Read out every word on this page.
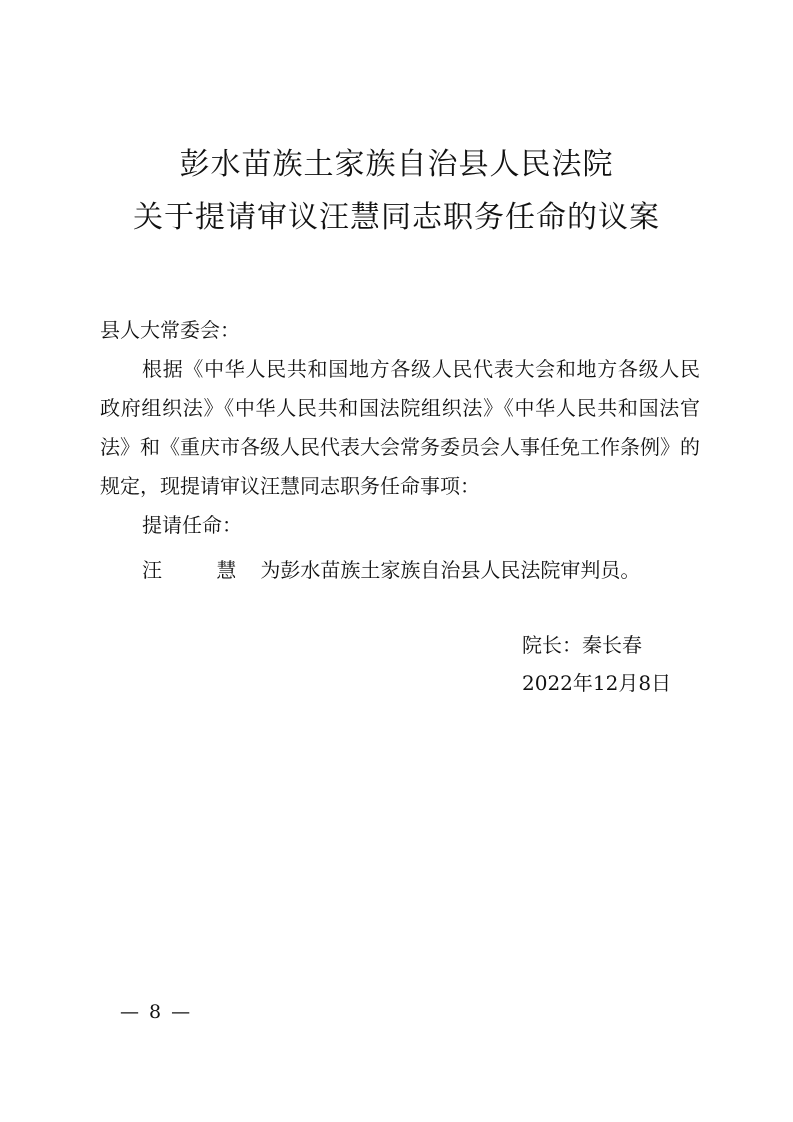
彭水苗族土家族自治县人民法院
关于提请审议汪慧同志职务任命的议案
县人大常委会：
根据《中华人民共和国地方各级人民代表大会和地方各级人民政府组织法》《中华人民共和国法院组织法》《中华人民共和国法官法》和《重庆市各级人民代表大会常务委员会人事任免工作条例》的规定，现提请审议汪慧同志职务任命事项：
提请任命：
汪 慧为彭水苗族土家族自治县人民法院审判员。
院长：秦长春
2022年12月8日
— 8 —
